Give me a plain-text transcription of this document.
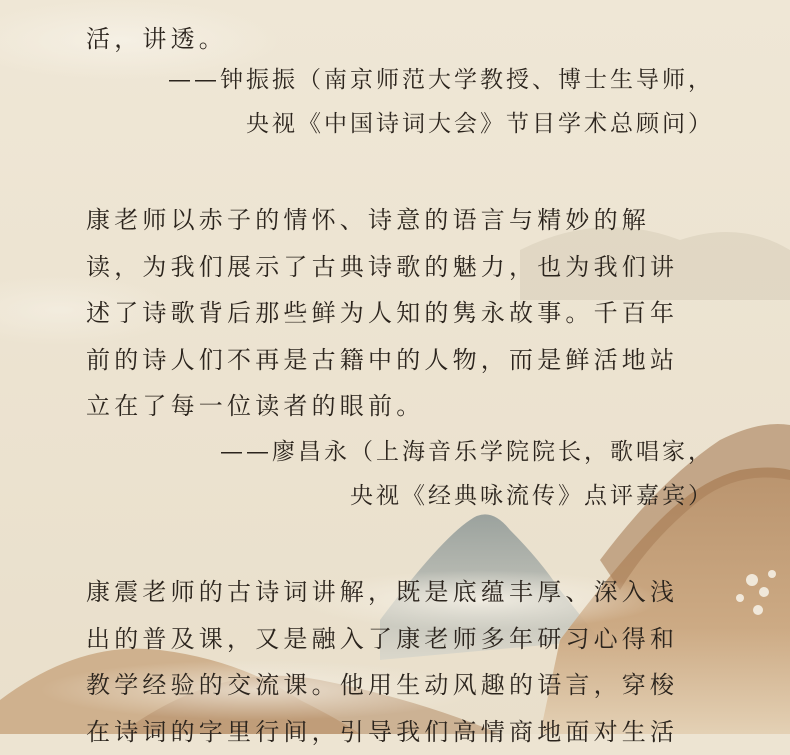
活，讲透。

——钟振振（南京师范大学教授、博士生导师，
央视《中国诗词大会》节目学术总顾问）

康老师以赤子的情怀、诗意的语言与精妙的解
读，为我们展示了古典诗歌的魅力，也为我们讲
述了诗歌背后那些鲜为人知的隽永故事。千百年
前的诗人们不再是古籍中的人物，而是鲜活地站
立在了每一位读者的眼前。

——廖昌永（上海音乐学院院长，歌唱家，
央视《经典咏流传》点评嘉宾）

康震老师的古诗词讲解，既是底蕴丰厚、深入浅
出的普及课，又是融入了康老师多年研习心得和
教学经验的交流课。他用生动风趣的语言，穿梭
在诗词的字里行间，引导我们高情商地面对生活
